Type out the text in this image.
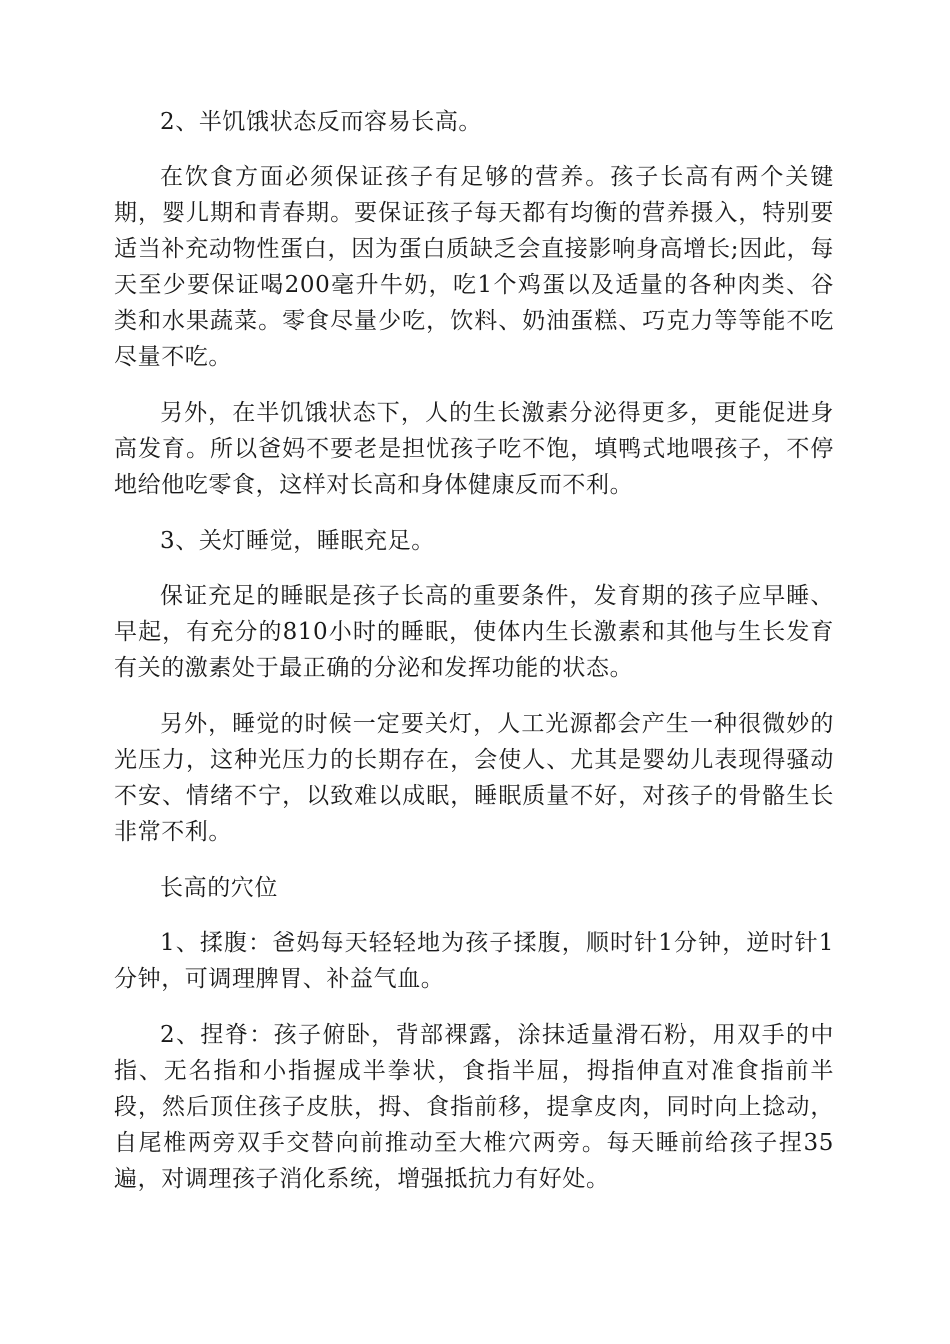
2、半饥饿状态反而容易长高。

在饮食方面必须保证孩子有足够的营养。孩子长高有两个关键期，婴儿期和青春期。要保证孩子每天都有均衡的营养摄入，特别要适当补充动物性蛋白，因为蛋白质缺乏会直接影响身高增长;因此，每天至少要保证喝200毫升牛奶，吃1个鸡蛋以及适量的各种肉类、谷类和水果蔬菜。零食尽量少吃，饮料、奶油蛋糕、巧克力等等能不吃尽量不吃。

另外，在半饥饿状态下，人的生长激素分泌得更多，更能促进身高发育。所以爸妈不要老是担忧孩子吃不饱，填鸭式地喂孩子，不停地给他吃零食，这样对长高和身体健康反而不利。

3、关灯睡觉，睡眠充足。

保证充足的睡眠是孩子长高的重要条件，发育期的孩子应早睡、早起，有充分的810小时的睡眠，使体内生长激素和其他与生长发育有关的激素处于最正确的分泌和发挥功能的状态。

另外，睡觉的时候一定要关灯，人工光源都会产生一种很微妙的光压力，这种光压力的长期存在，会使人、尤其是婴幼儿表现得骚动不安、情绪不宁，以致难以成眠，睡眠质量不好，对孩子的骨骼生长非常不利。

长高的穴位

1、揉腹：爸妈每天轻轻地为孩子揉腹，顺时针1分钟，逆时针1分钟，可调理脾胃、补益气血。

2、捏脊：孩子俯卧，背部裸露，涂抹适量滑石粉，用双手的中指、无名指和小指握成半拳状，食指半屈，拇指伸直对准食指前半段，然后顶住孩子皮肤，拇、食指前移，提拿皮肉，同时向上捻动，自尾椎两旁双手交替向前推动至大椎穴两旁。每天睡前给孩子捏35遍，对调理孩子消化系统，增强抵抗力有好处。
